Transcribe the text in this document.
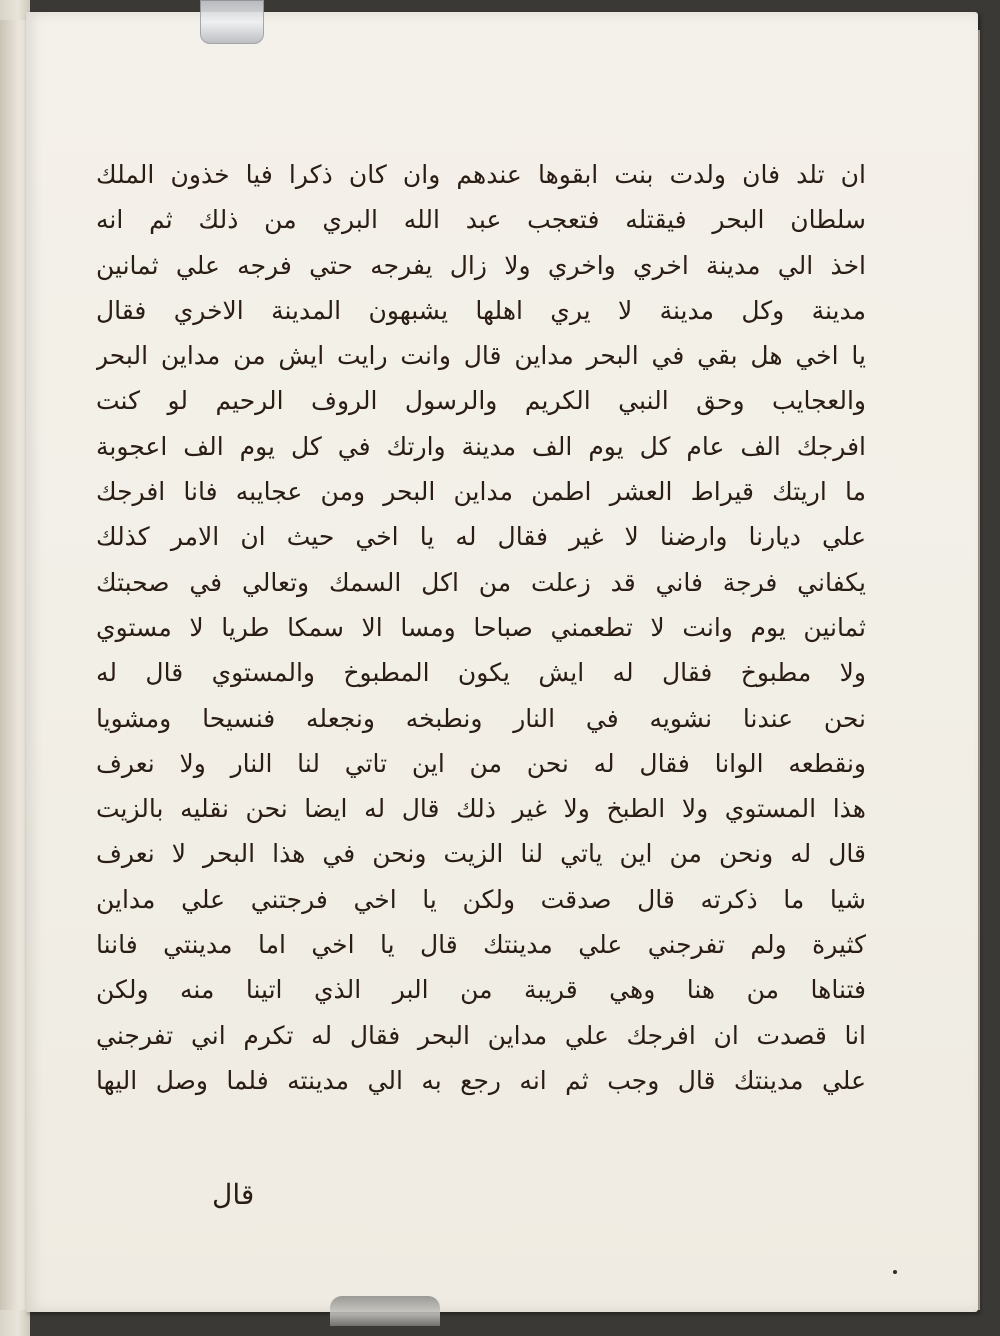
ان تلد فان ولدت بنت ابقوها عندهم وان كان ذكرا فيا خذون الملك
سلطان البحر فيقتله فتعجب عبد الله البري من ذلك ثم انه
اخذ الي مدينة اخري واخري ولا زال يفرجه حتي فرجه علي ثمانين
مدينة وكل مدينة لا يري اهلها يشبهون المدينة الاخري فقال
يا اخي هل بقي في البحر مداين قال وانت رايت ايش من مداين البحر
والعجايب وحق النبي الكريم والرسول الروف الرحيم لو كنت
افرجك الف عام كل يوم الف مدينة وارتك في كل يوم الف اعجوبة
ما اريتك قيراط العشر اطمن مداين البحر ومن عجايبه فانا افرجك
علي ديارنا وارضنا لا غير فقال له يا اخي حيث ان الامر كذلك
يكفاني فرجة فاني قد زعلت من اكل السمك وتعالي في صحبتك
ثمانين يوم وانت لا تطعمني صباحا ومسا الا سمكا طريا لا مستوي
ولا مطبوخ فقال له ايش يكون المطبوخ والمستوي قال له
نحن عندنا نشويه في النار ونطبخه ونجعله فنسيحا ومشويا
ونقطعه الوانا فقال له نحن من اين تاتي لنا النار ولا نعرف
هذا المستوي ولا الطبخ ولا غير ذلك قال له ايضا نحن نقليه بالزيت
قال له ونحن من اين ياتي لنا الزيت ونحن في هذا البحر لا نعرف
شيا ما ذكرته قال صدقت ولكن يا اخي فرجتني علي مداين
كثيرة ولم تفرجني علي مدينتك قال يا اخي اما مدينتي فاننا
فتناها من هنا وهي قريبة من البر الذي اتينا منه ولكن
انا قصدت ان افرجك علي مداين البحر فقال له تكرم اني تفرجني
علي مدينتك قال وجب ثم انه رجع به الي مدينته فلما وصل اليها
قال
